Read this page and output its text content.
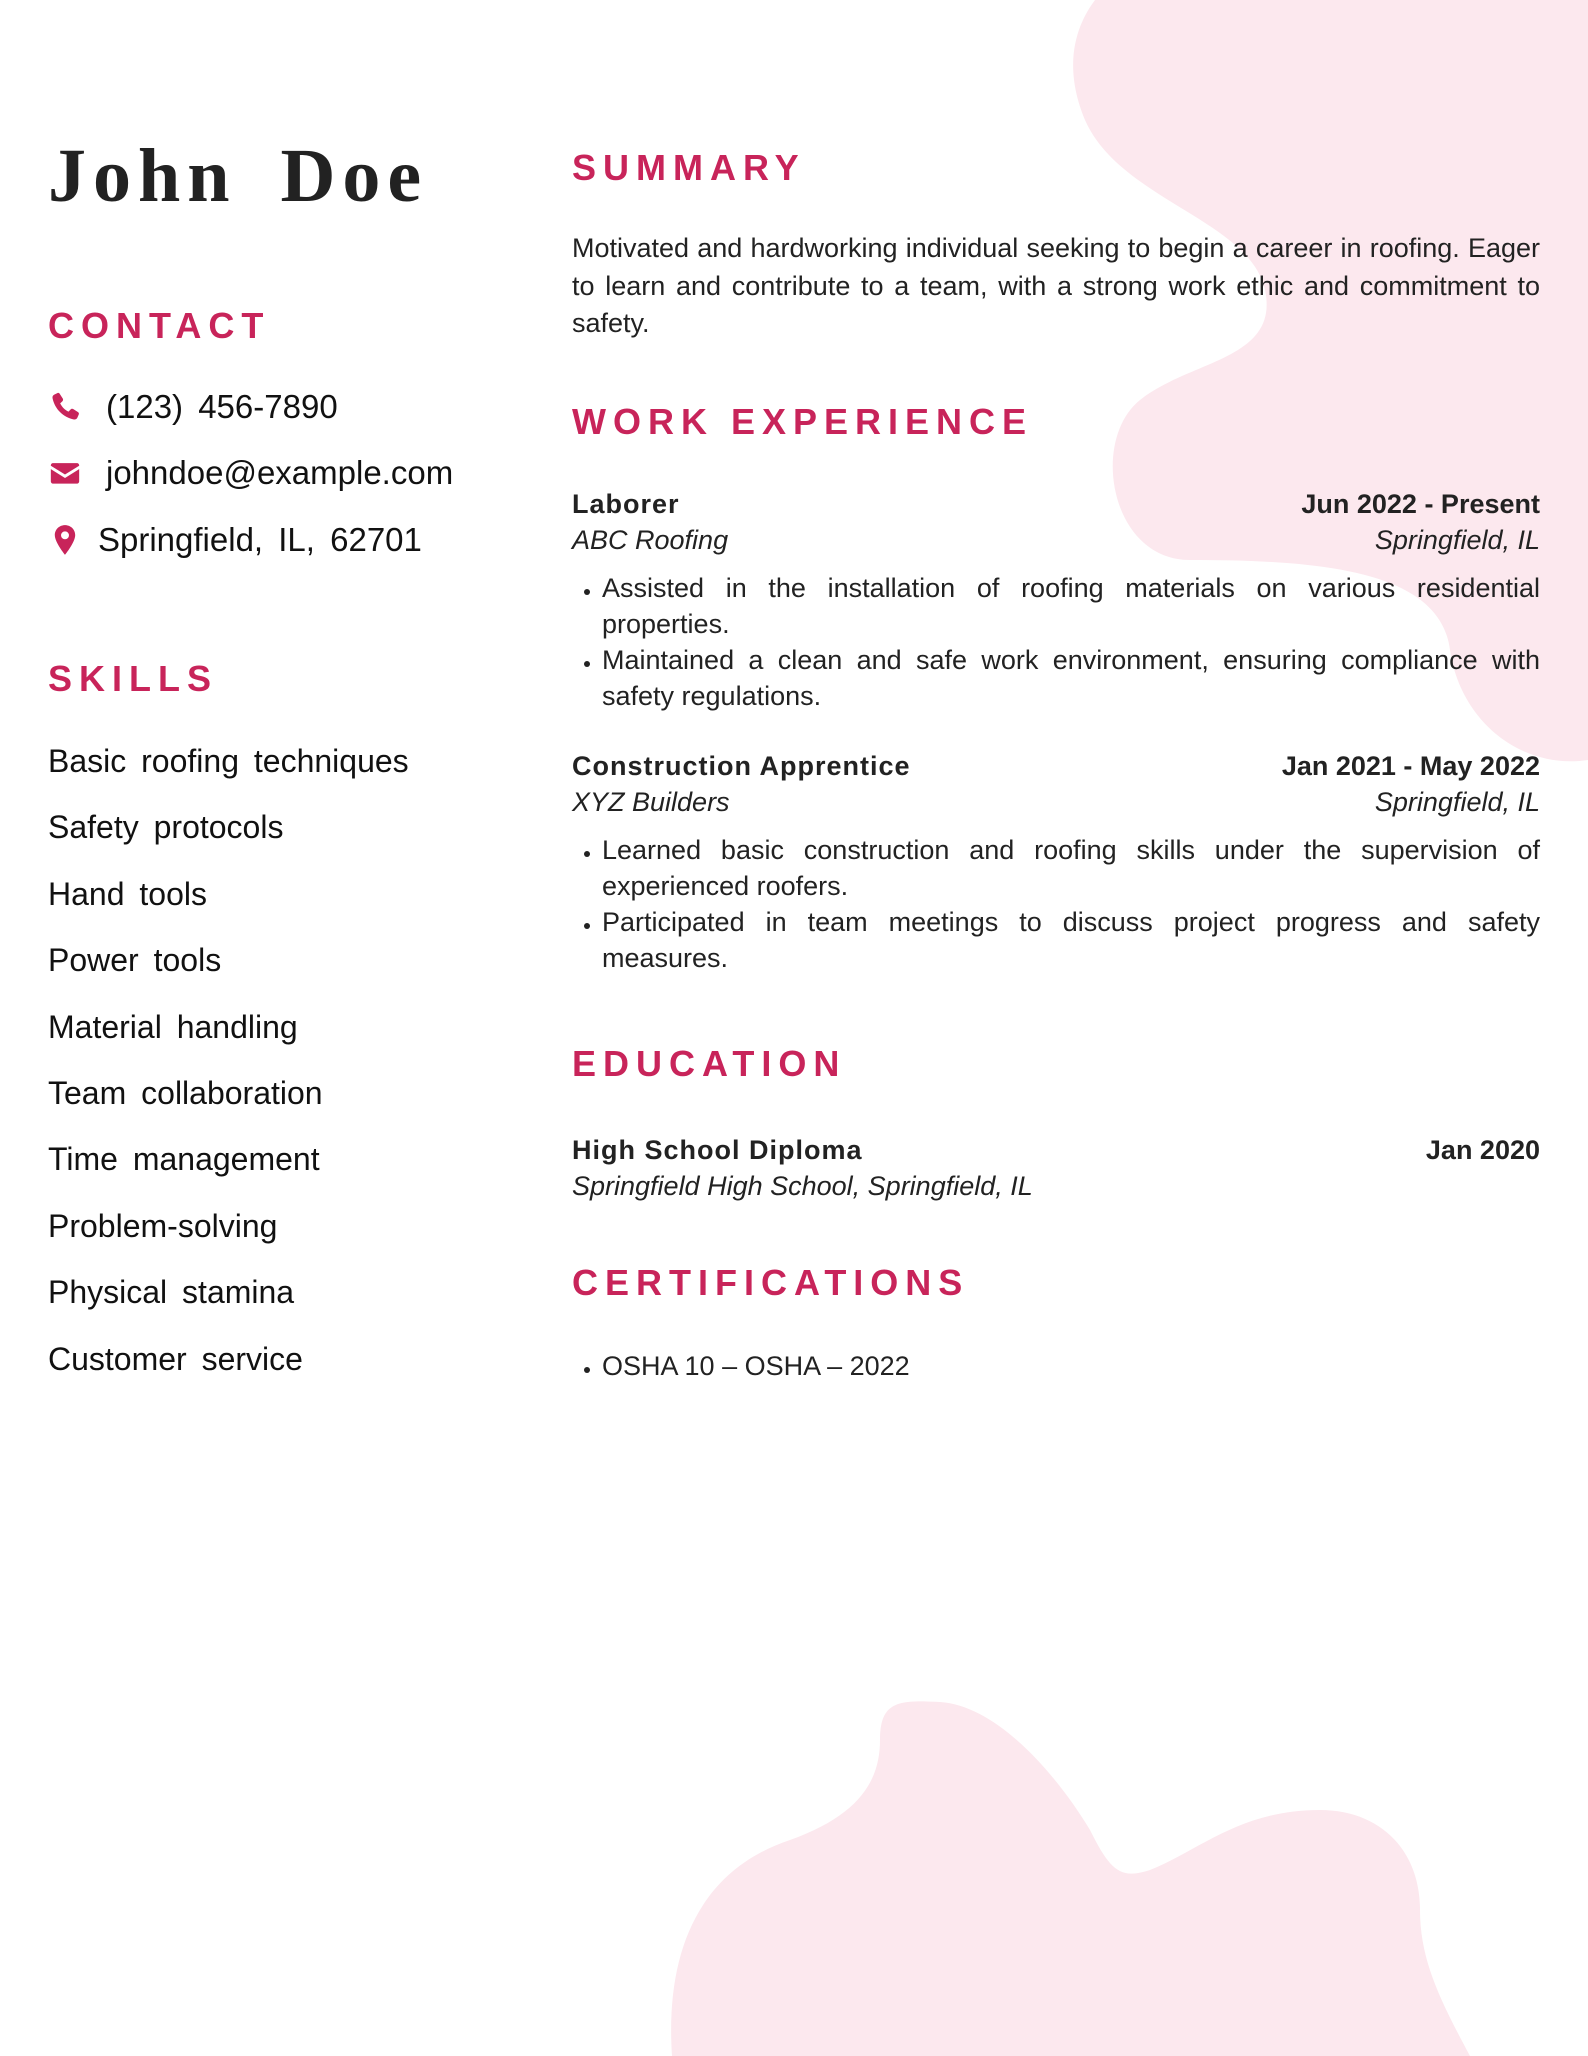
John Doe
CONTACT
(123) 456-7890
johndoe@example.com
Springfield, IL, 62701
SKILLS
Basic roofing techniques
Safety protocols
Hand tools
Power tools
Material handling
Team collaboration
Time management
Problem-solving
Physical stamina
Customer service
SUMMARY

Motivated and hardworking individual seeking to begin a career in roofing. Eager to learn and contribute to a team, with a strong work ethic and commitment to safety.

WORK EXPERIENCE
Laborer	Jun 2022 - Present
ABC Roofing	Springfield, IL
• Assisted in the installation of roofing materials on various residential properties.
• Maintained a clean and safe work environment, ensuring compliance with safety regulations.
Construction Apprentice	Jan 2021 - May 2022
XYZ Builders	Springfield, IL
• Learned basic construction and roofing skills under the supervision of experienced roofers.
• Participated in team meetings to discuss project progress and safety measures.
EDUCATION
High School Diploma	Jan 2020
Springfield High School, Springfield, IL
CERTIFICATIONS
• OSHA 10 – OSHA – 2022
